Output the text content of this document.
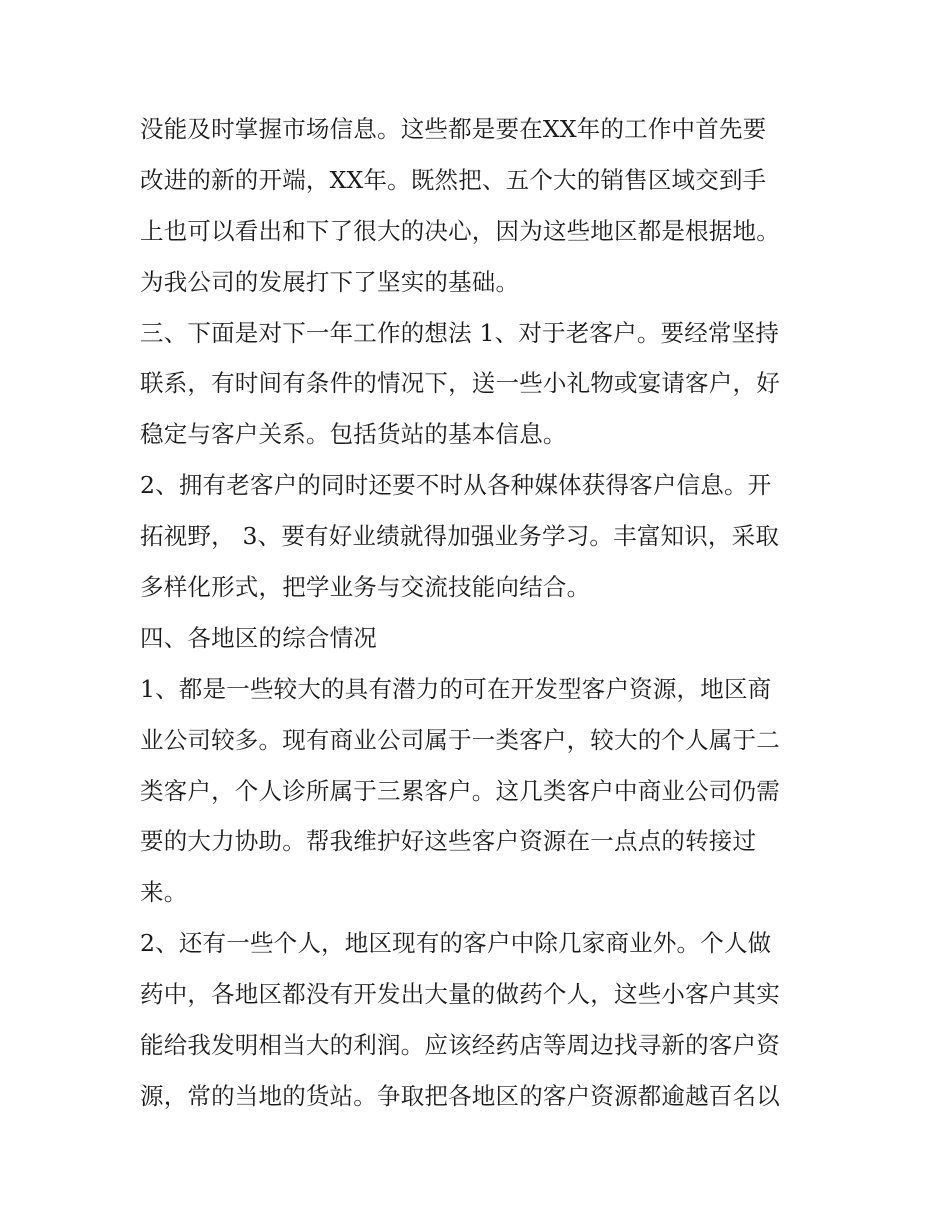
没能及时掌握市场信息。这些都是要在XX年的工作中首先要
改进的新的开端，XX年。既然把、五个大的销售区域交到手
上也可以看出和下了很大的决心，因为这些地区都是根据地。
为我公司的发展打下了坚实的基础。
三、下面是对下一年工作的想法 1、对于老客户。要经常坚持
联系，有时间有条件的情况下，送一些小礼物或宴请客户，好
稳定与客户关系。包括货站的基本信息。
2、拥有老客户的同时还要不时从各种媒体获得客户信息。开
拓视野， 3、要有好业绩就得加强业务学习。丰富知识，采取
多样化形式，把学业务与交流技能向结合。
四、各地区的综合情况
1、都是一些较大的具有潜力的可在开发型客户资源，地区商
业公司较多。现有商业公司属于一类客户，较大的个人属于二
类客户，个人诊所属于三累客户。这几类客户中商业公司仍需
要的大力协助。帮我维护好这些客户资源在一点点的转接过
来。
2、还有一些个人，地区现有的客户中除几家商业外。个人做
药中，各地区都没有开发出大量的做药个人，这些小客户其实
能给我发明相当大的利润。应该经药店等周边找寻新的客户资
源，常的当地的货站。争取把各地区的客户资源都逾越百名以
